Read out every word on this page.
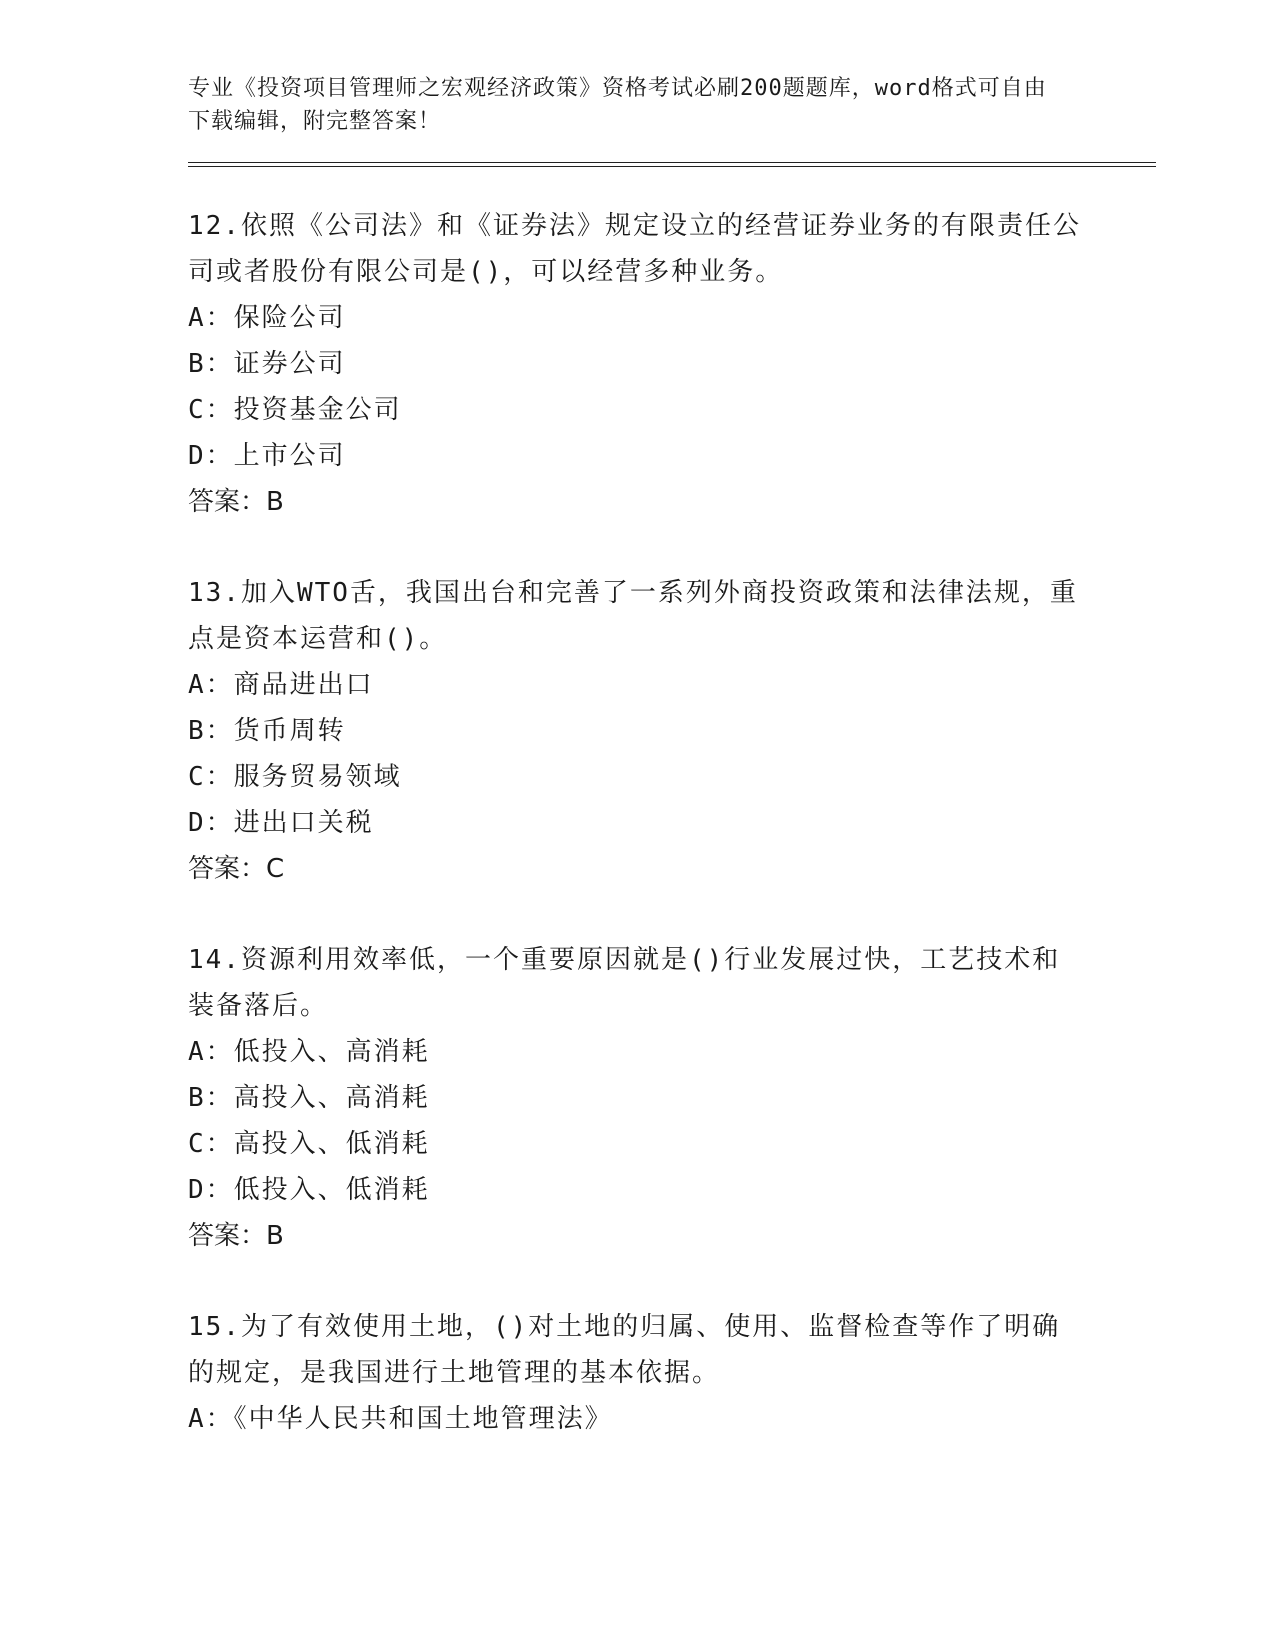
专业《投资项目管理师之宏观经济政策》资格考试必刷200题题库，word格式可自由下载编辑，附完整答案！
12.依照《公司法》和《证券法》规定设立的经营证券业务的有限责任公司或者股份有限公司是()，可以经营多种业务。
A：保险公司
B：证券公司
C：投资基金公司
D：上市公司
答案：B
13.加入WTO舌，我国出台和完善了一系列外商投资政策和法律法规，重点是资本运营和()。
A：商品进出口
B：货币周转
C：服务贸易领域
D：进出口关税
答案：C
14.资源利用效率低，一个重要原因就是()行业发展过快，工艺技术和装备落后。
A：低投入、高消耗
B：高投入、高消耗
C：高投入、低消耗
D：低投入、低消耗
答案：B
15.为了有效使用土地，()对土地的归属、使用、监督检查等作了明确的规定，是我国进行土地管理的基本依据。
A：《中华人民共和国土地管理法》
